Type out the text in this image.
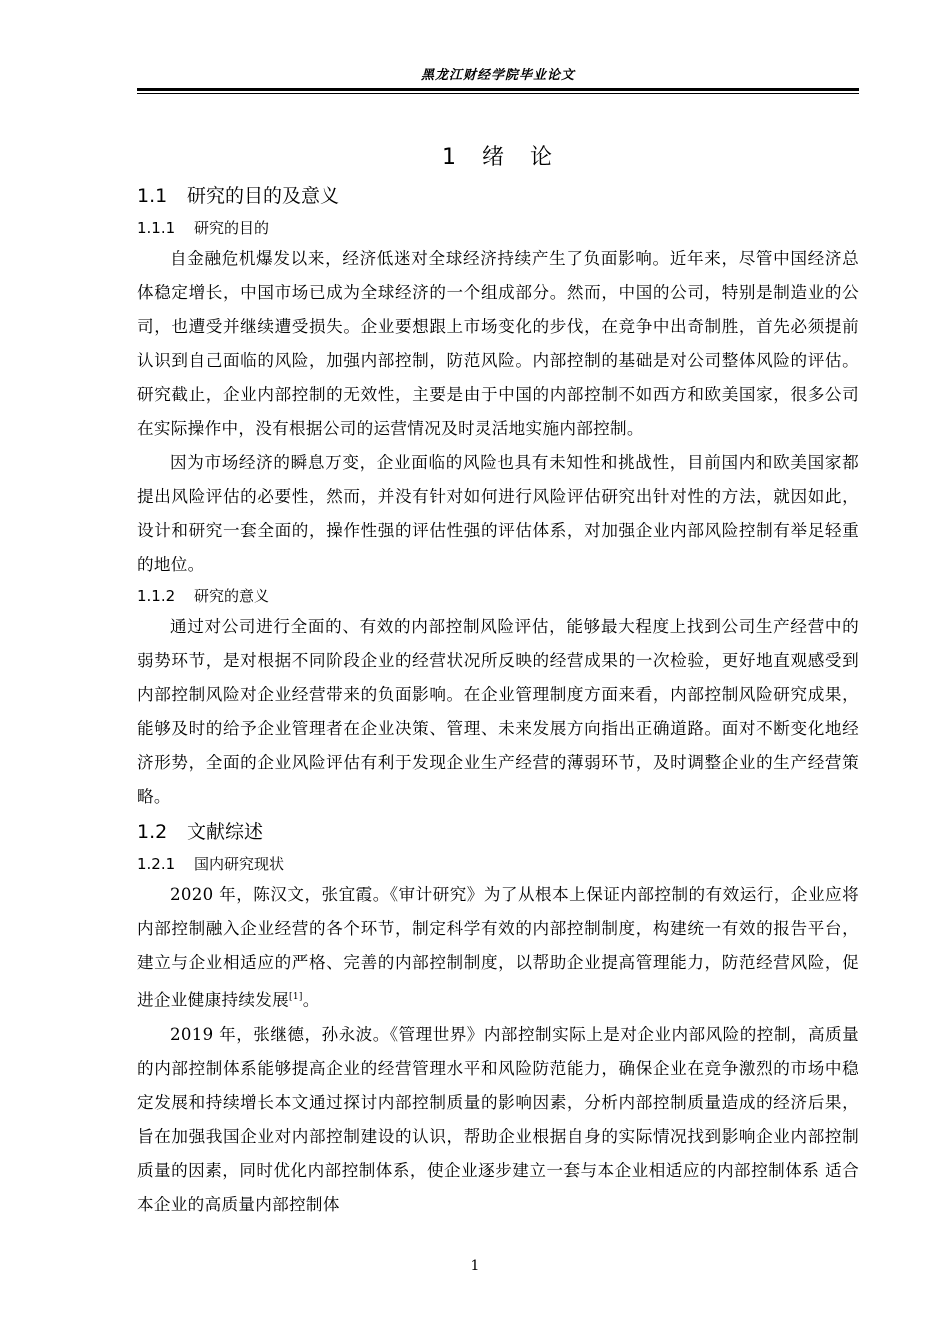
黑龙江财经学院毕业论文
1　绪　论
1.1 研究的目的及意义
1.1.1 研究的目的

自金融危机爆发以来，经济低迷对全球经济持续产生了负面影响。近年来，尽管中国经济总体稳定增长，中国市场已成为全球经济的一个组成部分。然而，中国的公司，特别是制造业的公司，也遭受并继续遭受损失。企业要想跟上市场变化的步伐，在竞争中出奇制胜，首先必须提前认识到自己面临的风险，加强内部控制，防范风险。内部控制的基础是对公司整体风险的评估。研究截止，企业内部控制的无效性，主要是由于中国的内部控制不如西方和欧美国家，很多公司在实际操作中，没有根据公司的运营情况及时灵活地实施内部控制。

因为市场经济的瞬息万变，企业面临的风险也具有未知性和挑战性，目前国内和欧美国家都提出风险评估的必要性，然而，并没有针对如何进行风险评估研究出针对性的方法，就因如此，设计和研究一套全面的，操作性强的评估性强的评估体系，对加强企业内部风险控制有举足轻重的地位。

1.1.2 研究的意义

通过对公司进行全面的、有效的内部控制风险评估，能够最大程度上找到公司生产经营中的弱势环节，是对根据不同阶段企业的经营状况所反映的经营成果的一次检验，更好地直观感受到内部控制风险对企业经营带来的负面影响。在企业管理制度方面来看，内部控制风险研究成果，能够及时的给予企业管理者在企业决策、管理、未来发展方向指出正确道路。面对不断变化地经济形势，全面的企业风险评估有利于发现企业生产经营的薄弱环节，及时调整企业的生产经营策略。

1.2 文献综述
1.2.1 国内研究现状

2020 年，陈汉文，张宜霞。《审计研究》为了从根本上保证内部控制的有效运行，企业应将内部控制融入企业经营的各个环节，制定科学有效的内部控制制度，构建统一有效的报告平台，建立与企业相适应的严格、完善的内部控制制度，以帮助企业提高管理能力，防范经营风险，促进企业健康持续发展[1]。

2019 年，张继德，孙永波。《管理世界》内部控制实际上是对企业内部风险的控制，高质量的内部控制体系能够提高企业的经营管理水平和风险防范能力，确保企业在竞争激烈的市场中稳定发展和持续增长本文通过探讨内部控制质量的影响因素，分析内部控制质量造成的经济后果，旨在加强我国企业对内部控制建设的认识，帮助企业根据自身的实际情况找到影响企业内部控制质量的因素，同时优化内部控制体系，使企业逐步建立一套与本企业相适应的内部控制体系 适合本企业的高质量内部控制体

1
